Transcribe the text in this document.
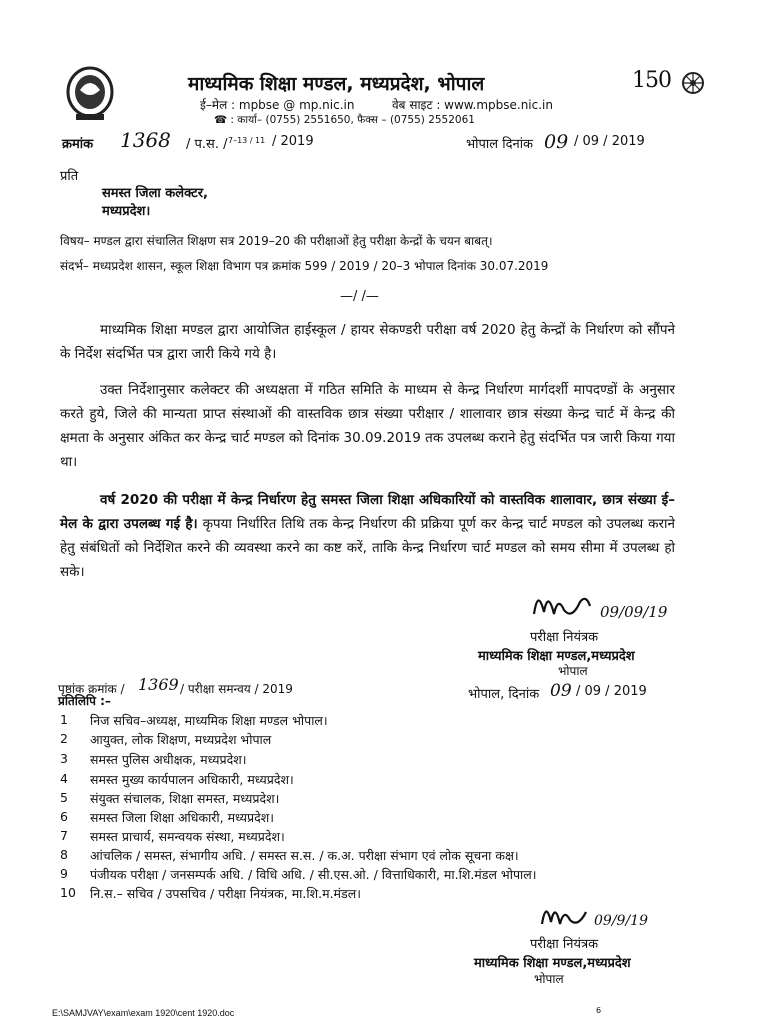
माध्यमिक शिक्षा मण्डल, मध्यप्रदेश, भोपाल
ई–मेल : mpbse @ mp.nic.in	वेब साइट : www.mpbse.nic.in
☎ : कार्या– (0755) 2551650, फैक्स – (0755) 2552061
150
क्रमांक 1368 / प.स. / 7–13 / 11 / 2019	भोपाल दिनांक 09 / 09 / 2019
प्रति
समस्त जिला कलेक्टर,
मध्यप्रदेश।
विषय– मण्डल द्वारा संचालित शिक्षण सत्र 2019–20 की परीक्षाओं हेतु परीक्षा केन्द्रों के चयन बाबत्।
संदर्भ– मध्यप्रदेश शासन, स्कूल शिक्षा विभाग पत्र क्रमांक 599 / 2019 / 20–3 भोपाल दिनांक 30.07.2019
—/ /—
माध्यमिक शिक्षा मण्डल द्वारा आयोजित हाईस्कूल / हायर सेकण्डरी परीक्षा वर्ष 2020 हेतु केन्द्रों के निर्धारण को सौंपने के निर्देश संदर्भित पत्र द्वारा जारी किये गये है।
उक्त निर्देशानुसार कलेक्टर की अध्यक्षता में गठित समिति के माध्यम से केन्द्र निर्धारण मार्गदर्शी मापदण्डों के अनुसार करते हुये, जिले की मान्यता प्राप्त संस्थाओं की वास्तविक छात्र संख्या परीक्षार / शालावार छात्र संख्या केन्द्र चार्ट में केन्द्र की क्षमता के अनुसार अंकित कर केन्द्र चार्ट मण्डल को दिनांक 30.09.2019 तक उपलब्ध कराने हेतु संदर्भित पत्र जारी किया गया था।
वर्ष 2020 की परीक्षा में केन्द्र निर्धारण हेतु समस्त जिला शिक्षा अधिकारियों को वास्तविक शालावार, छात्र संख्या ई–मेल के द्वारा उपलब्ध गई है। कृपया निर्धारित तिथि तक केन्द्र निर्धारण की प्रक्रिया पूर्ण कर केन्द्र चार्ट मण्डल को उपलब्ध कराने हेतु संबंधितों को निर्देशित करने की व्यवस्था करने का कष्ट करें, ताकि केन्द्र निर्धारण चार्ट मण्डल को समय सीमा में उपलब्ध हो सके।
09/09/19
परीक्षा नियंत्रक
माध्यमिक शिक्षा मण्डल,मध्यप्रदेश
भोपाल
पृष्ठांक क्रमांक / 1369 / परीक्षा समन्वय / 2019	भोपाल, दिनांक 09 / 09 / 2019
प्रतिलिपि :–
1	निज सचिव–अध्यक्ष, माध्यमिक शिक्षा मण्डल भोपाल।
2	आयुक्त, लोक शिक्षण, मध्यप्रदेश भोपाल
3	समस्त पुलिस अधीक्षक, मध्यप्रदेश।
4	समस्त मुख्य कार्यपालन अधिकारी, मध्यप्रदेश।
5	संयुक्त संचालक, शिक्षा समस्त, मध्यप्रदेश।
6	समस्त जिला शिक्षा अधिकारी, मध्यप्रदेश।
7	समस्त प्राचार्य, समन्वयक संस्था, मध्यप्रदेश।
8	आंचलिक / समस्त, संभागीय अधि. / समस्त स.स. / क.अ. परीक्षा संभाग एवं लोक सूचना कक्ष।
9	पंजीयक परीक्षा / जनसम्पर्क अधि. / विधि अधि. / सी.एस.ओ. / वित्ताधिकारी, मा.शि.मंडल भोपाल।
10	नि.स.– सचिव / उपसचिव / परीक्षा नियंत्रक, मा.शि.म.मंडल।
09/9/19
परीक्षा नियंत्रक
माध्यमिक शिक्षा मण्डल,मध्यप्रदेश
भोपाल
E:\SAMJVAY\exam\exam 1920\cent 1920.doc	6
